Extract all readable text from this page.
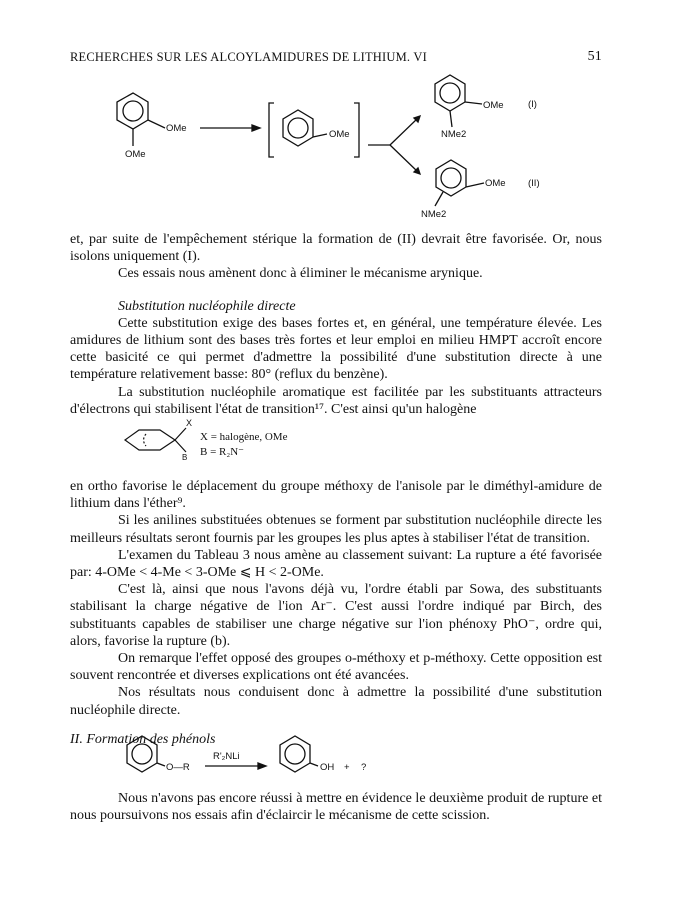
RECHERCHES SUR LES ALCOYLAMIDURES DE LITHIUM. VI	51
OMe
OMe
OMe
OMe
NMe2
(I)
OMe (II)
NMe2

et, par suite de l'empêchement stérique la formation de (II) devrait être favorisée. Or, nous isolons uniquement (I).

Ces essais nous amènent donc à éliminer le mécanisme arynique.

Substitution nucléophile directe

Cette substitution exige des bases fortes et, en général, une température élevée. Les amidures de lithium sont des bases très fortes et leur emploi en milieu HMPT accroît encore cette basicité ce qui permet d'admettre la possibilité d'une substitution directe à une température relativement basse: 80° (reflux du benzène).

La substitution nucléophile aromatique est facilitée par les substituants attracteurs d'électrons qui stabilisent l'état de transition¹⁷. C'est ainsi qu'un halogène

X
B
X = halogène, OMe
B = R₂N⁻

en ortho favorise le déplacement du groupe méthoxy de l'anisole par le diméthyl-amidure de lithium dans l'éther⁹.

Si les anilines substituées obtenues se forment par substitution nucléophile directe les meilleurs résultats seront fournis par les groupes les plus aptes à stabiliser l'état de transition.

L'examen du Tableau 3 nous amène au classement suivant: La rupture a été favorisée par: 4-OMe < 4-Me < 3-OMe ⩽ H < 2-OMe.

C'est là, ainsi que nous l'avons déjà vu, l'ordre établi par Sowa, des substituants stabilisant la charge négative de l'ion Ar⁻. C'est aussi l'ordre indiqué par Birch, des substituants capables de stabiliser une charge négative sur l'ion phénoxy PhO⁻, ordre qui, alors, favorise la rupture (b).

On remarque l'effet opposé des groupes o-méthoxy et p-méthoxy. Cette opposition est souvent rencontrée et diverses explications ont été avancées.

Nos résultats nous conduisent donc à admettre la possibilité d'une substitution nucléophile directe.

II. Formation des phénols

O—R
R'₂NLi
OH + ?

Nous n'avons pas encore réussi à mettre en évidence le deuxième produit de rupture et nous poursuivons nos essais afin d'éclaircir le mécanisme de cette scission.
